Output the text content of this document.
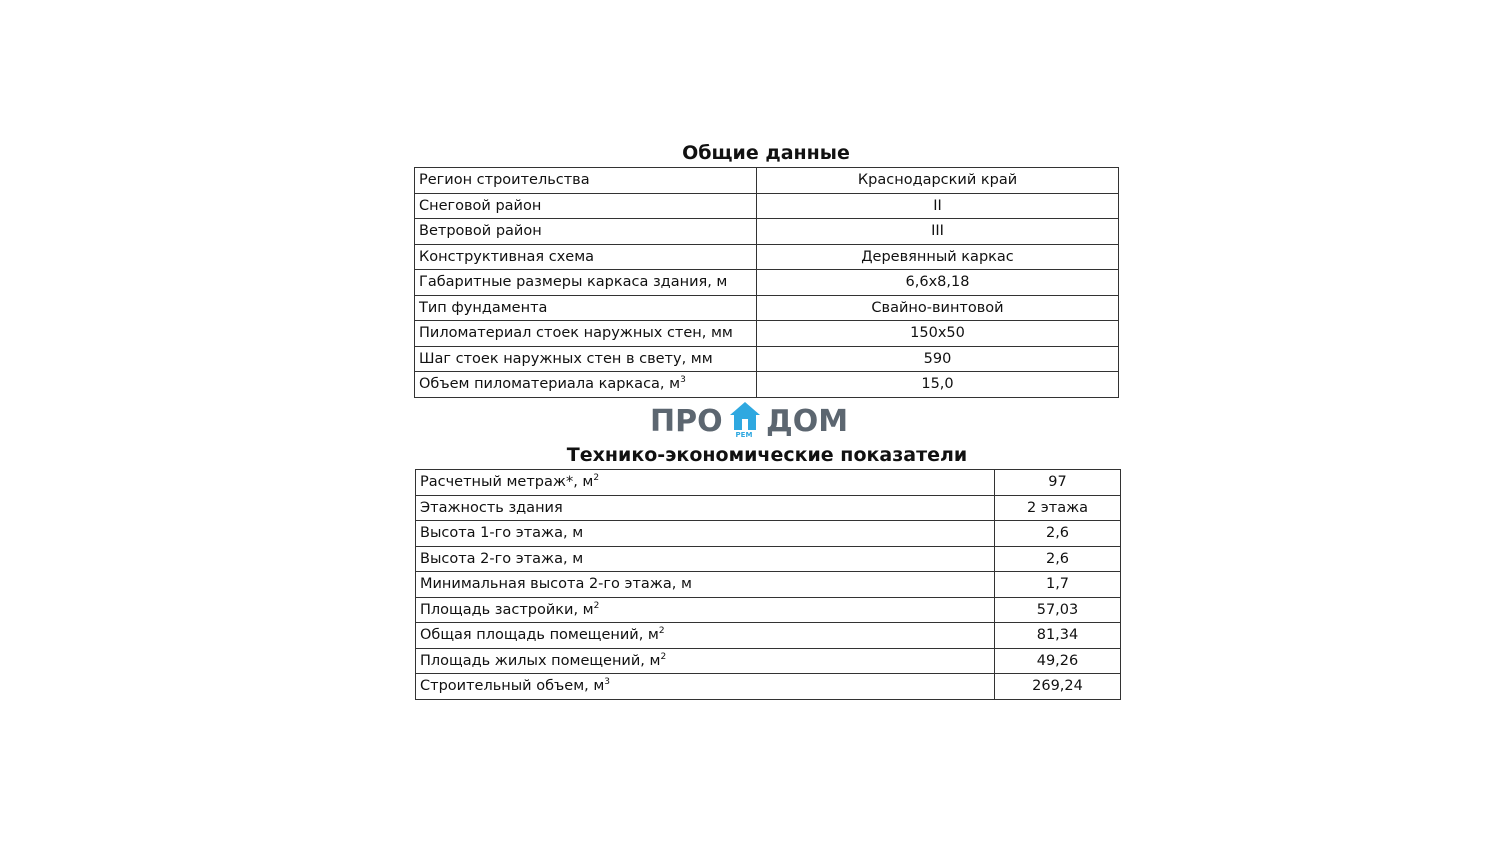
Общие данные
Регион строительства	Краснодарский край
Снеговой район	II
Ветровой район	III
Конструктивная схема	Деревянный каркас
Габаритные размеры каркаса здания, м	6,6x8,18
Тип фундамента	Свайно-винтовой
Пиломатериал стоек наружных стен, мм	150x50
Шаг стоек наружных стен в свету, мм	590
Объем пиломатериала каркаса, $м^3$	15,0
ПРО	РЕМ ДОМ
Технико-экономические показатели
Расчетный метраж*, $м^2$	97
Этажность здания	2 этажа
Высота 1-го этажа, м	2,6
Высота 2-го этажа, м	2,6
Минимальная высота 2-го этажа, м	1,7
Площадь застройки, $м^2$	57,03
Общая площадь помещений, $м^2$	81,34
Площадь жилых помещений, $м^2$	49,26
Строительный объем, $м^3$	269,24
